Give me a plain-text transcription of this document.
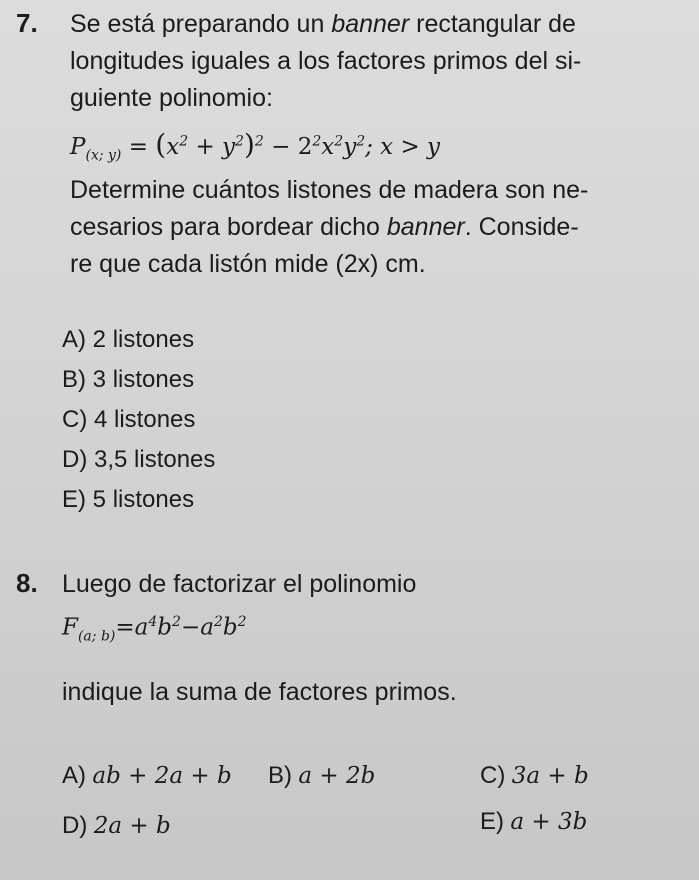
7. Se está preparando un banner rectangular de
longitudes iguales a los factores primos del si-
guiente polinomio:
$P_{(x; y)} = (x^2 + y^2)^2 - 2^2x^2y^2$; x > y
Determine cuántos listones de madera son ne-
cesarios para bordear dicho banner. Conside-
re que cada listón mide (2x) cm.
A) 2 listones
B) 3 listones
C) 4 listones
D) 3,5 listones
E) 5 listones
8. Luego de factorizar el polinomio
$F_{(a; b)}=a^4b^2-a^2b^2$
indique la suma de factores primos.
A) ab + 2a + b B) a + 2b	C) 3a + b
D) 2a + b	E) a + 3b
